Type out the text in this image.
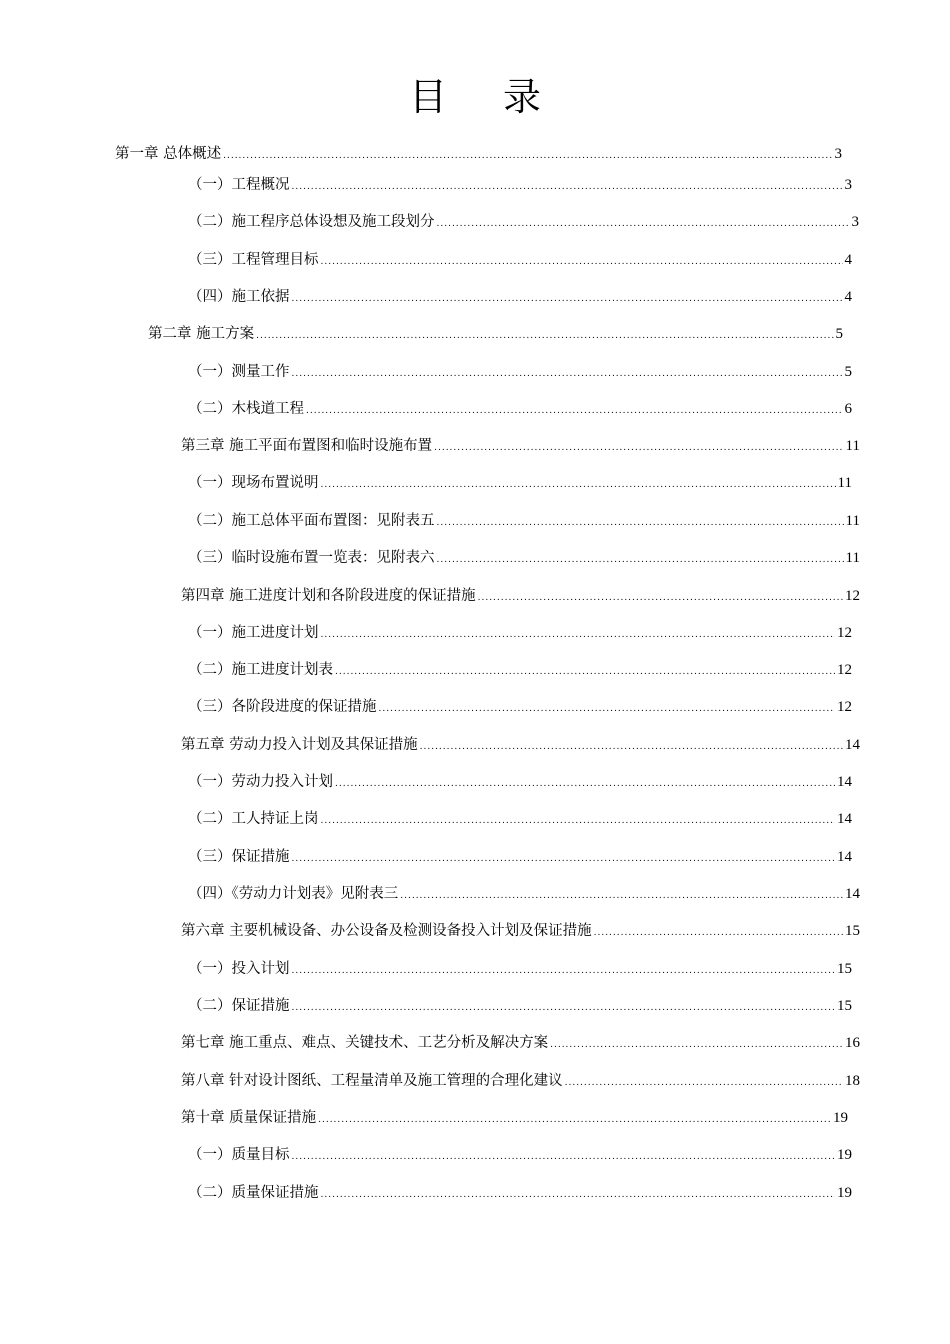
目 录
第一章 总体概述 .....	3
（一）工程概况 .....	3
（二）施工程序总体设想及施工段划分 .....	3
（三）工程管理目标 .....	4
（四）施工依据 .....	4
第二章 施工方案 .....	5
（一）测量工作 .....	5
（二）木栈道工程 .....	6
第三章 施工平面布置图和临时设施布置 .....	11
（一）现场布置说明 .....	11
（二）施工总体平面布置图：见附表五 .....	11
（三）临时设施布置一览表：见附表六 .....	11
第四章 施工进度计划和各阶段进度的保证措施 .....	12
（一）施工进度计划 .....	12
（二）施工进度计划表 .....	12
（三）各阶段进度的保证措施 .....	12
第五章 劳动力投入计划及其保证措施 .....	14
（一）劳动力投入计划 .....	14
（二）工人持证上岗 .....	14
（三）保证措施 .....	14
（四）《劳动力计划表》见附表三 .....	14
第六章 主要机械设备、办公设备及检测设备投入计划及保证措施 .....	15
（一）投入计划 .....	15
（二）保证措施 .....	15
第七章 施工重点、难点、关键技术、工艺分析及解决方案 .....	16
第八章 针对设计图纸、工程量清单及施工管理的合理化建议 .....	18
第十章 质量保证措施 .....	19
（一）质量目标 .....	19
（二）质量保证措施 .....	19
